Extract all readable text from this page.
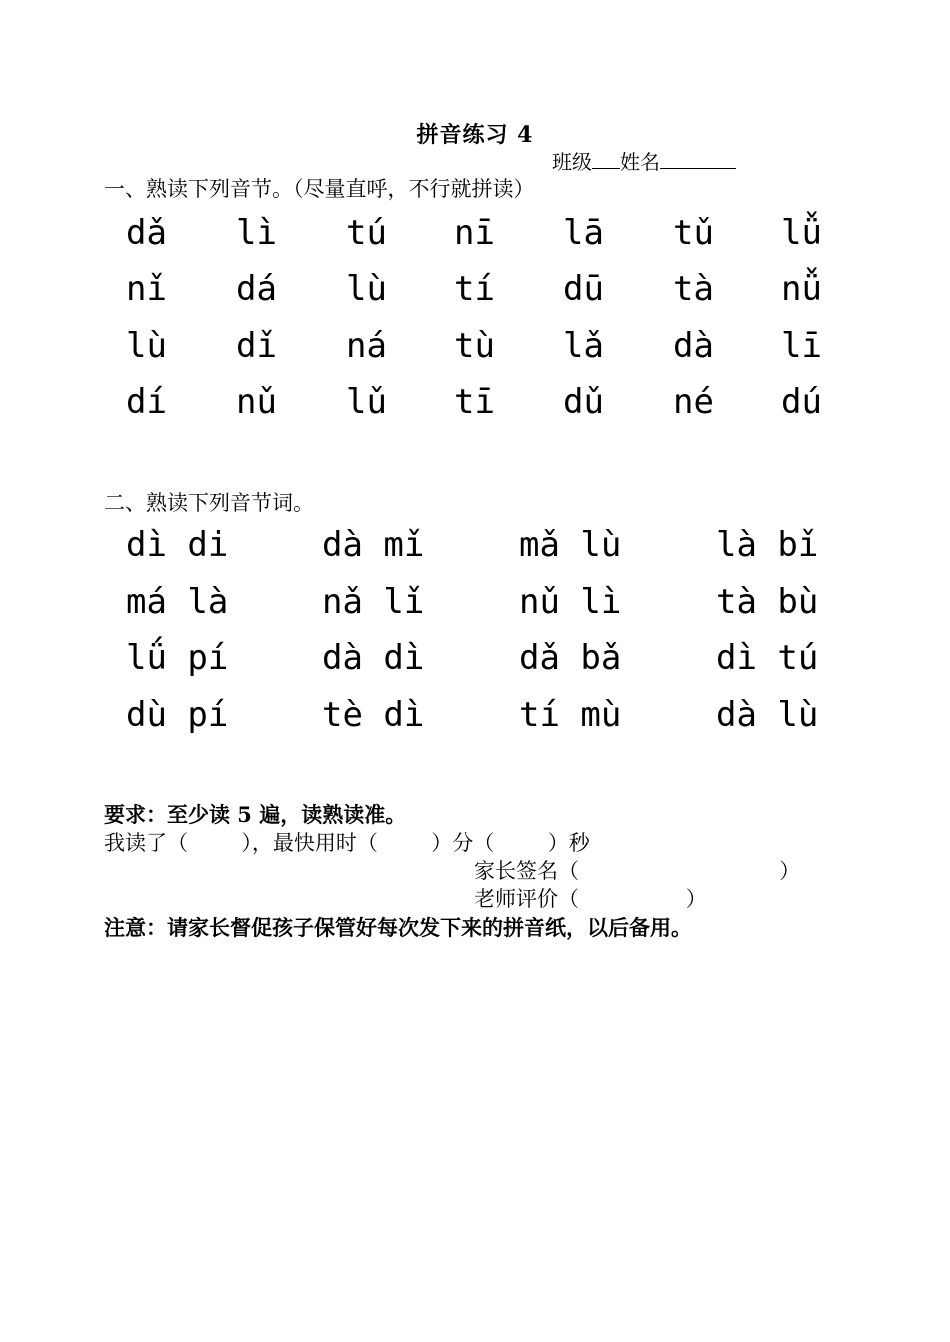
拼音练习 4
班级 姓名
一、熟读下列音节。（尽量直呼，不行就拼读）
dǎ lì tú nī lā tǔ lǚ
nǐ dá lù tí dū tà nǚ
lù dǐ ná tù lǎ dà lī
dí nǔ lǔ tī dǔ né dú
二、熟读下列音节词。
dì di	dà mǐ	mǎ lù	là bǐ
má là	nǎ lǐ	nǔ lì	tà bù
lǘ pí	dà dì	dǎ bǎ	dì tú
dù pí	tè dì	tí mù	dà lù
要求：至少读 5 遍，读熟读准。
我读了（        ），最快用时（        ）分（        ）秒
家长签名（                              ）
老师评价（                ）
注意：请家长督促孩子保管好每次发下来的拼音纸，以后备用。
